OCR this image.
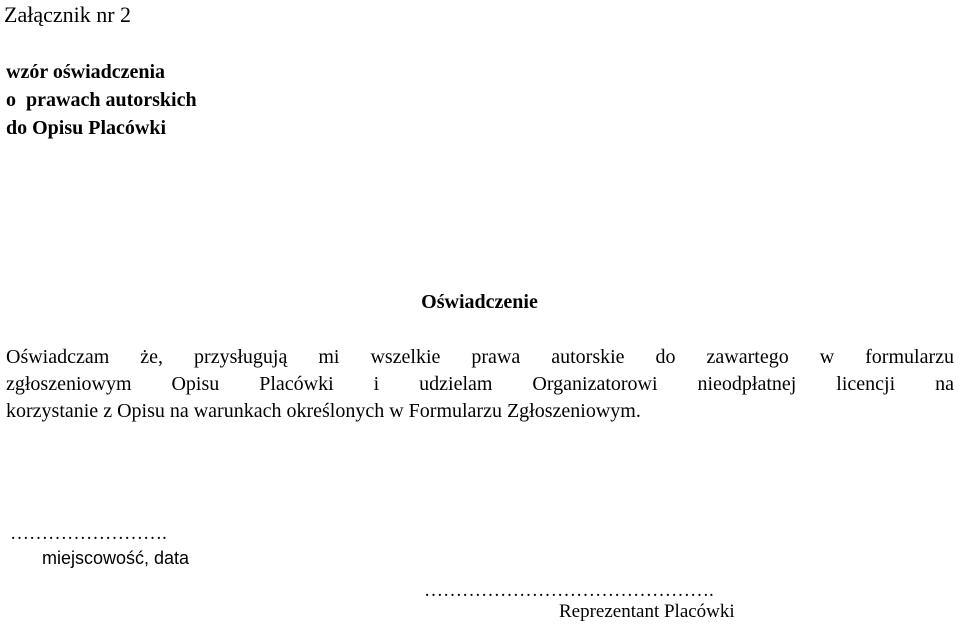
Załącznik nr 2
wzór oświadczenia
o  prawach autorskich
do Opisu Placówki
Oświadczenie
Oświadczam że, przysługują mi wszelkie prawa autorskie do zawartego w formularzu
zgłoszeniowym Opisu Placówki i udzielam Organizatorowi nieodpłatnej licencji na
korzystanie z Opisu na warunkach określonych w Formularzu Zgłoszeniowym.
…………………….
miejscowość, data
……………………………………….
Reprezentant Placówki
